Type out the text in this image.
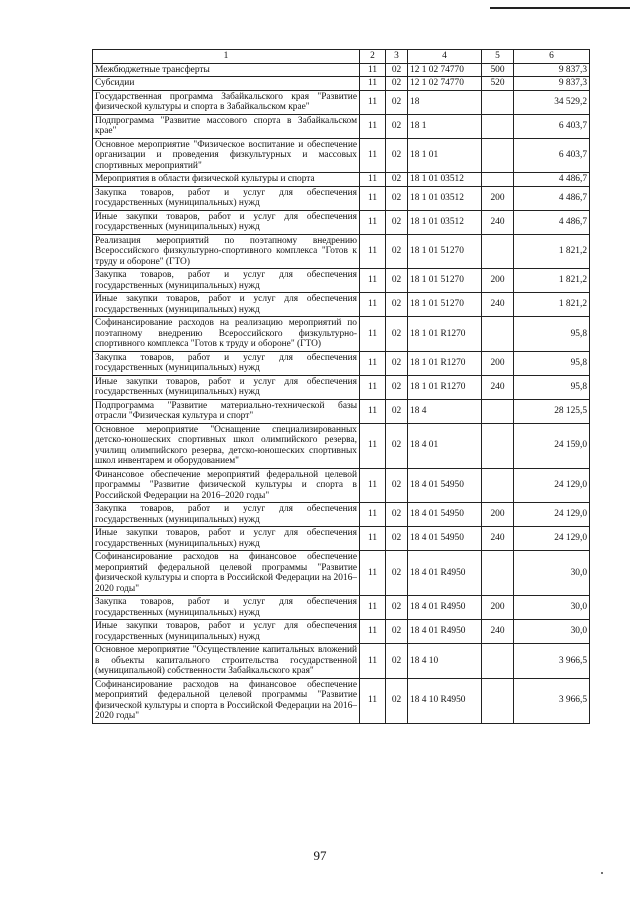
1	2	3	4	5	6
Межбюджетные трансферты	11	02	12 1 02 74770	500	9 837,3
Субсидии	11	02	12 1 02 74770	520	9 837,3
Государственная программа Забайкальского края "Развитие физической культуры и спорта в Забайкальском крае"	11	02	18		34 529,2
Подпрограмма "Развитие массового спорта в Забайкальском крае"	11	02	18 1		6 403,7
Основное мероприятие "Физическое воспитание и обеспечение организации и проведения физкультурных и массовых спортивных мероприятий"	11	02	18 1 01		6 403,7
Мероприятия в области физической культуры и спорта	11	02	18 1 01 03512		4 486,7
Закупка товаров, работ и услуг для обеспечения государственных (муниципальных) нужд	11	02	18 1 01 03512	200	4 486,7
Иные закупки товаров, работ и услуг для обеспечения государственных (муниципальных) нужд	11	02	18 1 01 03512	240	4 486,7
Реализация мероприятий по поэтапному внедрению Всероссийского физкультурно-спортивного комплекса "Готов к труду и обороне" (ГТО)	11	02	18 1 01 51270		1 821,2
Закупка товаров, работ и услуг для обеспечения государственных (муниципальных) нужд	11	02	18 1 01 51270	200	1 821,2
Иные закупки товаров, работ и услуг для обеспечения государственных (муниципальных) нужд	11	02	18 1 01 51270	240	1 821,2
Софинансирование расходов на реализацию мероприятий по поэтапному внедрению Всероссийского физкультурно-спортивного комплекса "Готов к труду и обороне" (ГТО)	11	02	18 1 01 R1270		95,8
Закупка товаров, работ и услуг для обеспечения государственных (муниципальных) нужд	11	02	18 1 01 R1270	200	95,8
Иные закупки товаров, работ и услуг для обеспечения государственных (муниципальных) нужд	11	02	18 1 01 R1270	240	95,8
Подпрограмма "Развитие материально-технической базы отрасли "Физическая культура и спорт"	11	02	18 4		28 125,5
Основное мероприятие "Оснащение специализированных детско-юношеских спортивных школ олимпийского резерва, училищ олимпийского резерва, детско-юношеских спортивных школ инвентарем и оборудованием"	11	02	18 4 01		24 159,0
Финансовое обеспечение мероприятий федеральной целевой программы "Развитие физической культуры и спорта в Российской Федерации на 2016–2020 годы"	11	02	18 4 01 54950		24 129,0
Закупка товаров, работ и услуг для обеспечения государственных (муниципальных) нужд	11	02	18 4 01 54950	200	24 129,0
Иные закупки товаров, работ и услуг для обеспечения государственных (муниципальных) нужд	11	02	18 4 01 54950	240	24 129,0
Софинансирование расходов на финансовое обеспечение мероприятий федеральной целевой программы "Развитие физической культуры и спорта в Российской Федерации на 2016–2020 годы"	11	02	18 4 01 R4950		30,0
Закупка товаров, работ и услуг для обеспечения государственных (муниципальных) нужд	11	02	18 4 01 R4950	200	30,0
Иные закупки товаров, работ и услуг для обеспечения государственных (муниципальных) нужд	11	02	18 4 01 R4950	240	30,0
Основное мероприятие "Осуществление капитальных вложений в объекты капитального строительства государственной (муниципальной) собственности Забайкальского края"	11	02	18 4 10		3 966,5
Софинансирование расходов на финансовое обеспечение мероприятий федеральной целевой программы "Развитие физической культуры и спорта в Российской Федерации на 2016–2020 годы"	11	02	18 4 10 R4950		3 966,5
97
